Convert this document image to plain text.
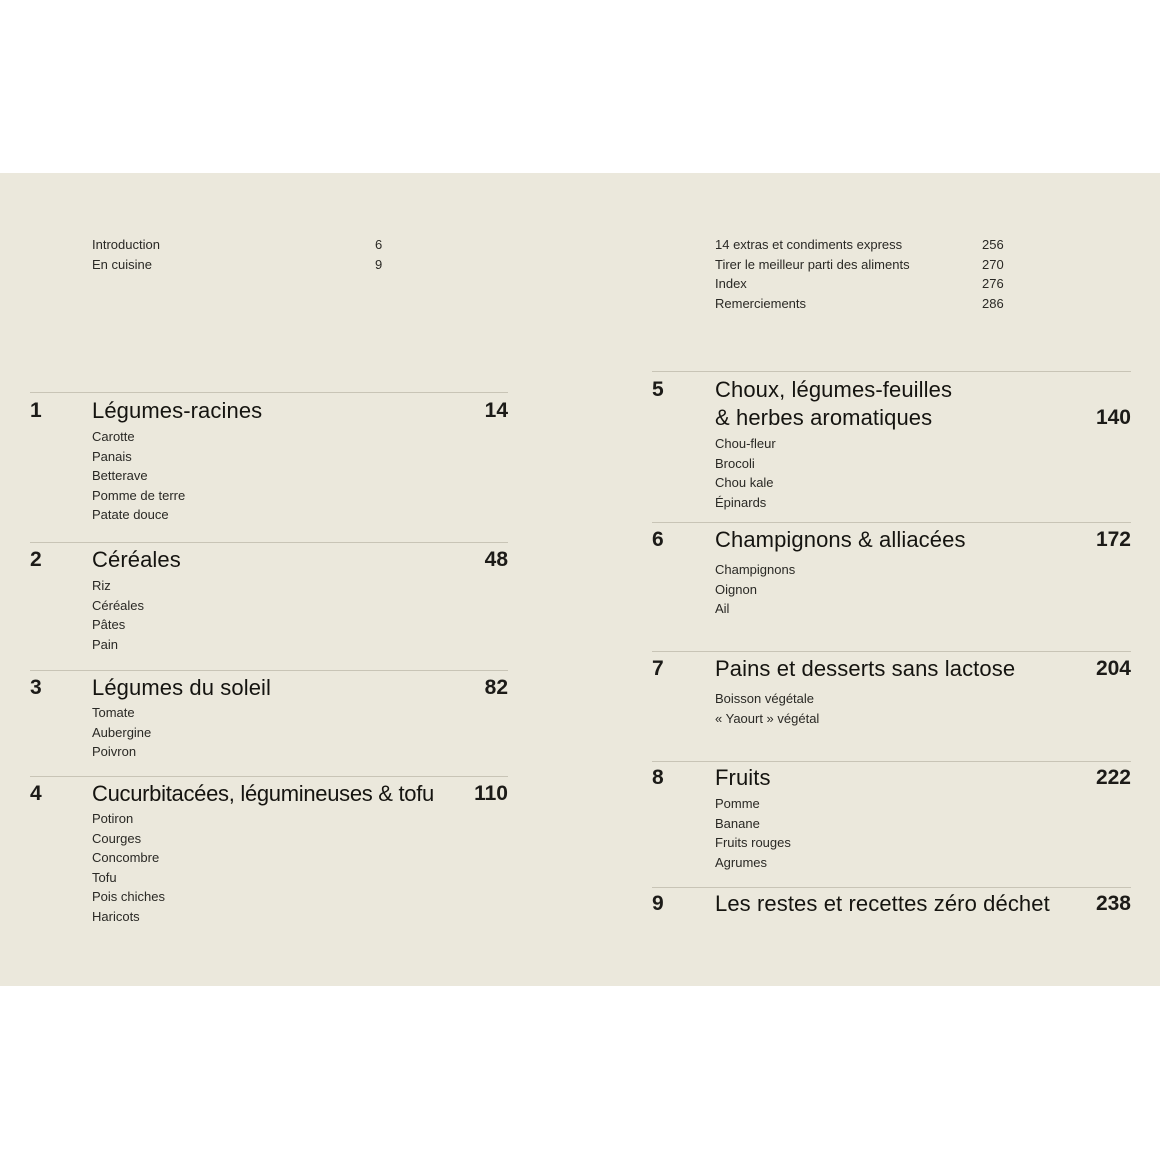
Introduction	6
En cuisine	9
14 extras et condiments express	256
Tirer le meilleur parti des aliments	270
Index	276
Remerciements	286
1 Légumes-racines	14
Carotte
Panais
Betterave
Pomme de terre
Patate douce
2 Céréales	48
Riz
Céréales
Pâtes
Pain
3 Légumes du soleil	82
Tomate
Aubergine
Poivron
4 Cucurbitacées, légumineuses & tofu 110
Potiron
Courges
Concombre
Tofu
Pois chiches
Haricots
5 Choux, légumes-feuilles
& herbes aromatiques	140
Chou-fleur
Brocoli
Chou kale
Épinards
6 Champignons & alliacées	172
Champignons
Oignon
Ail
7 Pains et desserts sans lactose	204
Boisson végétale
« Yaourt » végétal
8 Fruits	222
Pomme
Banane
Fruits rouges
Agrumes
9 Les restes et recettes zéro déchet 238
